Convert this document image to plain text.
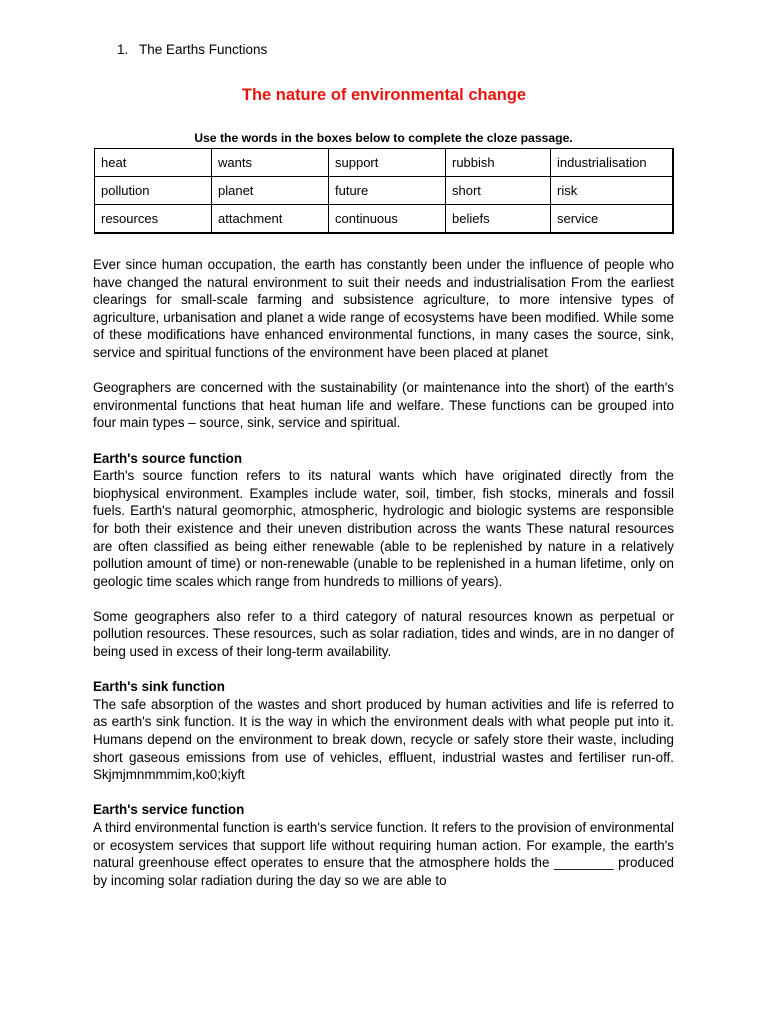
1. The Earths Functions

The nature of environmental change

Use the words in the boxes below to complete the cloze passage.

heat	wants	support	rubbish	industrialisation
pollution	planet	future	short	risk
resources	attachment	continuous	beliefs	service

Ever since human occupation, the earth has constantly been under the influence of people who have changed the natural environment to suit their needs and industrialisation From the earliest clearings for small-scale farming and subsistence agriculture, to more intensive types of agriculture, urbanisation and planet a wide range of ecosystems have been modified. While some of these modifications have enhanced environmental functions, in many cases the source, sink, service and spiritual functions of the environment have been placed at planet

Geographers are concerned with the sustainability (or maintenance into the short) of the earth's environmental functions that heat human life and welfare. These functions can be grouped into four main types – source, sink, service and spiritual.

Earth's source function

Earth's source function refers to its natural wants which have originated directly from the biophysical environment. Examples include water, soil, timber, fish stocks, minerals and fossil fuels. Earth's natural geomorphic, atmospheric, hydrologic and biologic systems are responsible for both their existence and their uneven distribution across the wants These natural resources are often classified as being either renewable (able to be replenished by nature in a relatively pollution amount of time) or non-renewable (unable to be replenished in a human lifetime, only on geologic time scales which range from hundreds to millions of years).

Some geographers also refer to a third category of natural resources known as perpetual or pollution resources. These resources, such as solar radiation, tides and winds, are in no danger of being used in excess of their long-term availability.

Earth's sink function

The safe absorption of the wastes and short produced by human activities and life is referred to as earth's sink function. It is the way in which the environment deals with what people put into it. Humans depend on the environment to break down, recycle or safely store their waste, including short gaseous emissions from use of vehicles, effluent, industrial wastes and fertiliser run-off. Skjmjmnmmmim,ko0;kiyft

Earth's service function

A third environmental function is earth's service function. It refers to the provision of environmental or ecosystem services that support life without requiring human action. For example, the earth's natural greenhouse effect operates to ensure that the atmosphere holds the ________ produced by incoming solar radiation during the day so we are able to
